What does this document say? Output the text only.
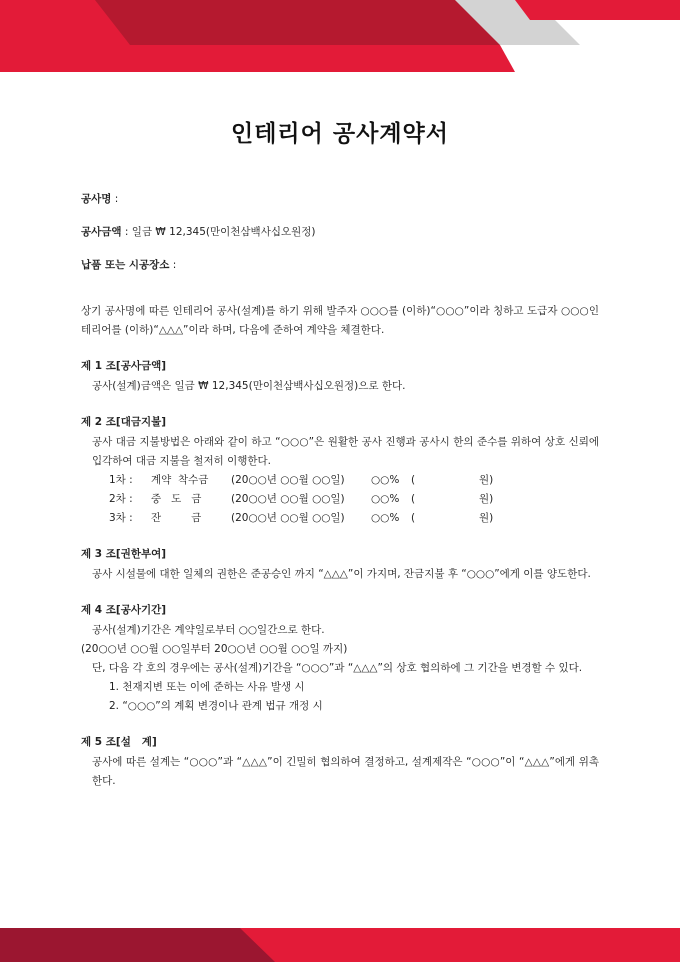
인테리어 공사계약서

공사명 :

공사금액 : 일금 ₩ 12,345(만이천삼백사십오원정)

납품 또는 시공장소 :

상기 공사명에 따른 인테리어 공사(설계)를 하기 위해 발주자 ○○○를 (이하)“○○○”이라 칭하고 도급자 ○○○인테리어를 (이하)“△△△”이라 하며, 다음에 준하여 계약을 체결한다.

제 1 조[공사금액]

공사(설계)금액은 일금 ₩ 12,345(만이천삼백사십오원정)으로 한다.

제 2 조[대금지불]

공사 대금 지불방법은 아래와 같이 하고 “○○○”은 원활한 공사 진행과 공사시 한의 준수를 위하여 상호 신뢰에 입각하여 대금 지불을 철저히 이행한다.

1차 :	계약  착수금	(20○○년 ○○월 ○○일)	○○%	(	원)
2차 :	중   도   금	(20○○년 ○○월 ○○일)	○○%	(	원)
3차 :	잔         금	(20○○년 ○○월 ○○일)	○○%	(	원)
제 3 조[권한부여]

공사 시설물에 대한 일체의 권한은 준공승인 까지 “△△△”이 가지며, 잔금지불 후 “○○○”에게 이를 양도한다.

제 4 조[공사기간]

공사(설계)기간은 계약일로부터 ○○일간으로 한다.

(20○○년 ○○월 ○○일부터 20○○년 ○○월 ○○일 까지)

단, 다음 각 호의 경우에는 공사(설계)기간을 “○○○”과 “△△△”의 상호 협의하에 그 기간을 변경할 수 있다.

1. 천재지변 또는 이에 준하는 사유 발생 시

2. “○○○”의 계획 변경이나 관계 법규 개정 시

제 5 조[설   계]

공사에 따른 설계는 “○○○”과 “△△△”이 긴밀히 협의하여 결정하고, 설계제작은 “○○○”이 “△△△”에게 위촉한다.
